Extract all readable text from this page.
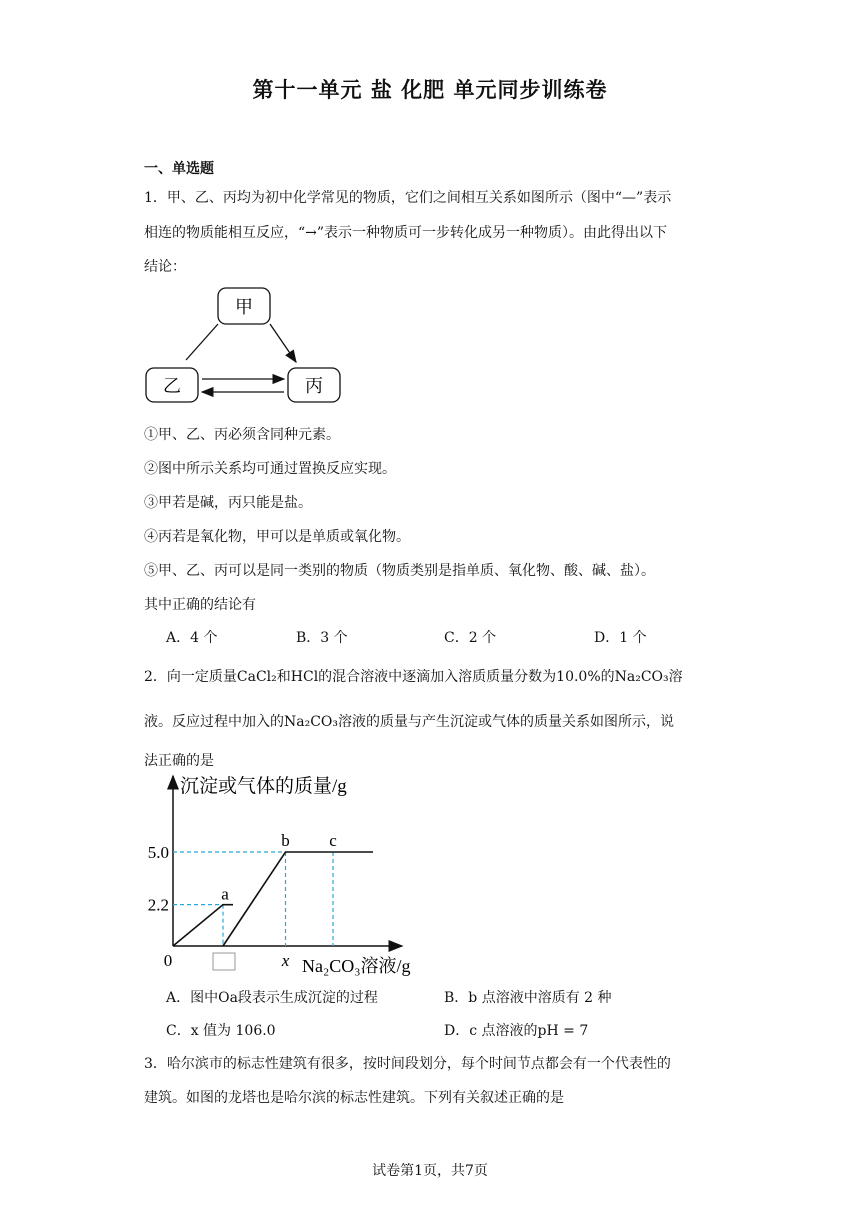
第十一单元 盐 化肥 单元同步训练卷
一、单选题
1．甲、乙、丙均为初中化学常见的物质，它们之间相互关系如图所示（图中“—”表示
相连的物质能相互反应，“→”表示一种物质可一步转化成另一种物质）。由此得出以下
结论：
甲
乙	丙
①甲、乙、丙必须含同种元素。
②图中所示关系均可通过置换反应实现。
③甲若是碱，丙只能是盐。
④丙若是氧化物，甲可以是单质或氧化物。
⑤甲、乙、丙可以是同一类别的物质（物质类别是指单质、氧化物、酸、碱、盐）。
其中正确的结论有
A．4 个	B．3 个	C．2 个	D．1 个
2．向一定质量CaCl₂和HCl的混合溶液中逐滴加入溶质质量分数为10.0%的Na₂CO₃溶
液。反应过程中加入的Na₂CO₃溶液的质量与产生沉淀或气体的质量关系如图所示，说
法正确的是
沉淀或气体的质量/g
Na₂CO₃溶液/g
5.0
2.2
0	x
a
b c
A．图中Oa段表示生成沉淀的过程	B．b 点溶液中溶质有 2 种
C．x 值为 106.0	D．c 点溶液的pH = 7
3．哈尔滨市的标志性建筑有很多，按时间段划分，每个时间节点都会有一个代表性的
建筑。如图的龙塔也是哈尔滨的标志性建筑。下列有关叙述正确的是
试卷第1页，共7页
